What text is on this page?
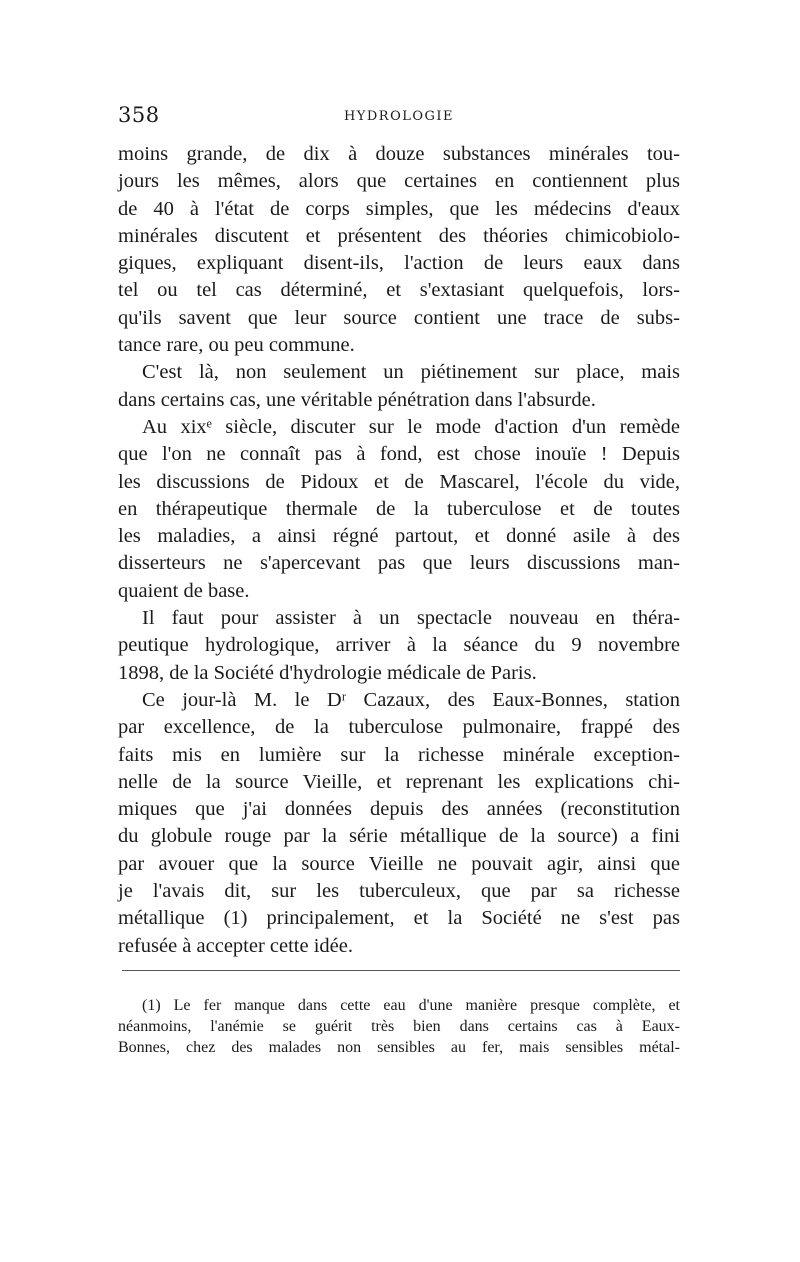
358	HYDROLOGIE
moins grande, de dix à douze substances minérales tou-
jours les mêmes, alors que certaines en contiennent plus
de 40 à l'état de corps simples, que les médecins d'eaux
minérales discutent et présentent des théories chimicobiolo-
giques, expliquant disent-ils, l'action de leurs eaux dans
tel ou tel cas déterminé, et s'extasiant quelquefois, lors-
qu'ils savent que leur source contient une trace de subs-
tance rare, ou peu commune.
C'est là, non seulement un piétinement sur place, mais
dans certains cas, une véritable pénétration dans l'absurde.
Au xixᵉ siècle, discuter sur le mode d'action d'un remède
que l'on ne connaît pas à fond, est chose inouïe ! Depuis
les discussions de Pidoux et de Mascarel, l'école du vide,
en thérapeutique thermale de la tuberculose et de toutes
les maladies, a ainsi régné partout, et donné asile à des
disserteurs ne s'apercevant pas que leurs discussions man-
quaient de base.
Il faut pour assister à un spectacle nouveau en théra-
peutique hydrologique, arriver à la séance du 9 novembre
1898, de la Société d'hydrologie médicale de Paris.
Ce jour-là M. le Dʳ Cazaux, des Eaux-Bonnes, station
par excellence, de la tuberculose pulmonaire, frappé des
faits mis en lumière sur la richesse minérale exception-
nelle de la source Vieille, et reprenant les explications chi-
miques que j'ai données depuis des années (reconstitution
du globule rouge par la série métallique de la source) a fini
par avouer que la source Vieille ne pouvait agir, ainsi que
je l'avais dit, sur les tuberculeux, que par sa richesse
métallique (1) principalement, et la Société ne s'est pas
refusée à accepter cette idée.
(1) Le fer manque dans cette eau d'une manière presque complète, et
néanmoins, l'anémie se guérit très bien dans certains cas à Eaux-
Bonnes, chez des malades non sensibles au fer, mais sensibles métal-
